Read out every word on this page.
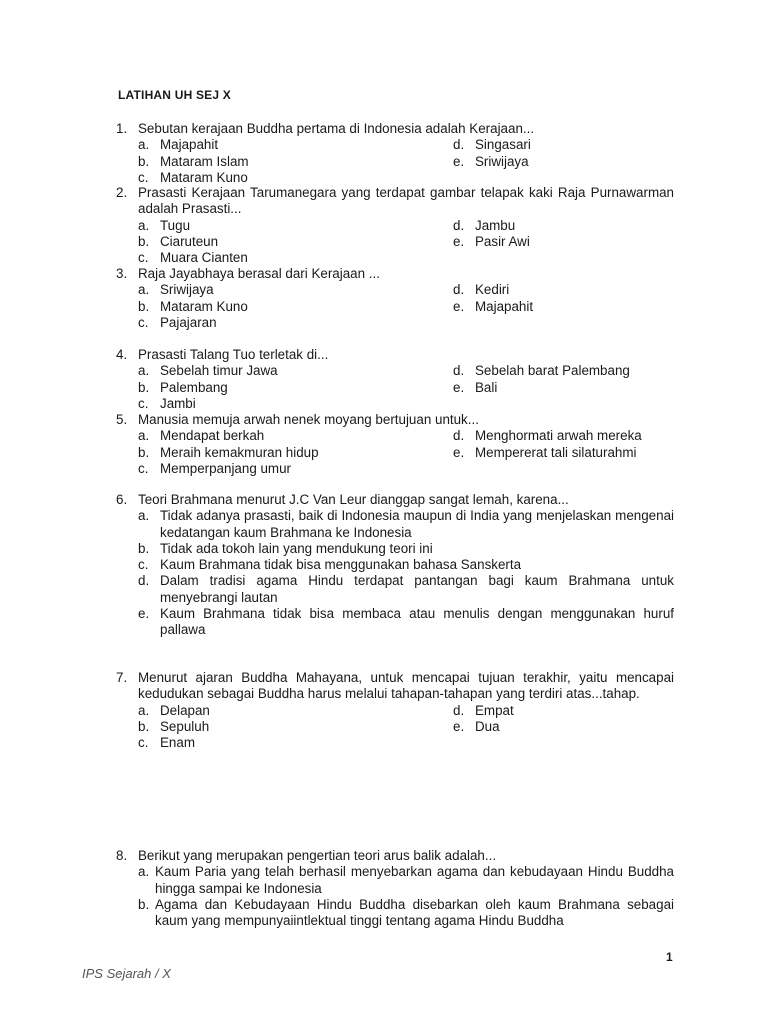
LATIHAN UH SEJ X
1. Sebutan kerajaan Buddha pertama di Indonesia adalah Kerajaan...
a. Majapahit	d. Singasari
b. Mataram Islam	e. Sriwijaya
c. Mataram Kuno
2. Prasasti Kerajaan Tarumanegara yang terdapat gambar telapak kaki Raja Purnawarman adalah Prasasti...
a. Tugu	d. Jambu
b. Ciaruteun	e. Pasir Awi
c. Muara Cianten
3. Raja Jayabhaya berasal dari Kerajaan ...
a. Sriwijaya	d. Kediri
b. Mataram Kuno	e. Majapahit
c. Pajajaran
4. Prasasti Talang Tuo terletak di...
a. Sebelah timur Jawa	d. Sebelah barat Palembang
b. Palembang	e. Bali
c. Jambi
5. Manusia memuja arwah nenek moyang bertujuan untuk...
a. Mendapat berkah	d. Menghormati arwah mereka
b. Meraih kemakmuran hidup	e. Mempererat tali silaturahmi
c. Memperpanjang umur
6. Teori Brahmana menurut J.C Van Leur dianggap sangat lemah, karena...
a. Tidak adanya prasasti, baik di Indonesia maupun di India yang menjelaskan mengenai kedatangan kaum Brahmana ke Indonesia
b. Tidak ada tokoh lain yang mendukung teori ini
c. Kaum Brahmana tidak bisa menggunakan bahasa Sanskerta
d. Dalam tradisi agama Hindu terdapat pantangan bagi kaum Brahmana untuk menyebrangi lautan
e. Kaum Brahmana tidak bisa membaca atau menulis dengan menggunakan huruf pallawa
7. Menurut ajaran Buddha Mahayana, untuk mencapai tujuan terakhir, yaitu mencapai kedudukan sebagai Buddha harus melalui tahapan-tahapan yang terdiri atas...tahap.
a. Delapan	d. Empat
b. Sepuluh	e. Dua
c. Enam
8. Berikut yang merupakan pengertian teori arus balik adalah...
a. Kaum Paria yang telah berhasil menyebarkan agama dan kebudayaan Hindu Buddha hingga sampai ke Indonesia
b. Agama dan Kebudayaan Hindu Buddha disebarkan oleh kaum Brahmana sebagai kaum yang mempunyaiintlektual tinggi tentang agama Hindu Buddha
1
IPS Sejarah / X
